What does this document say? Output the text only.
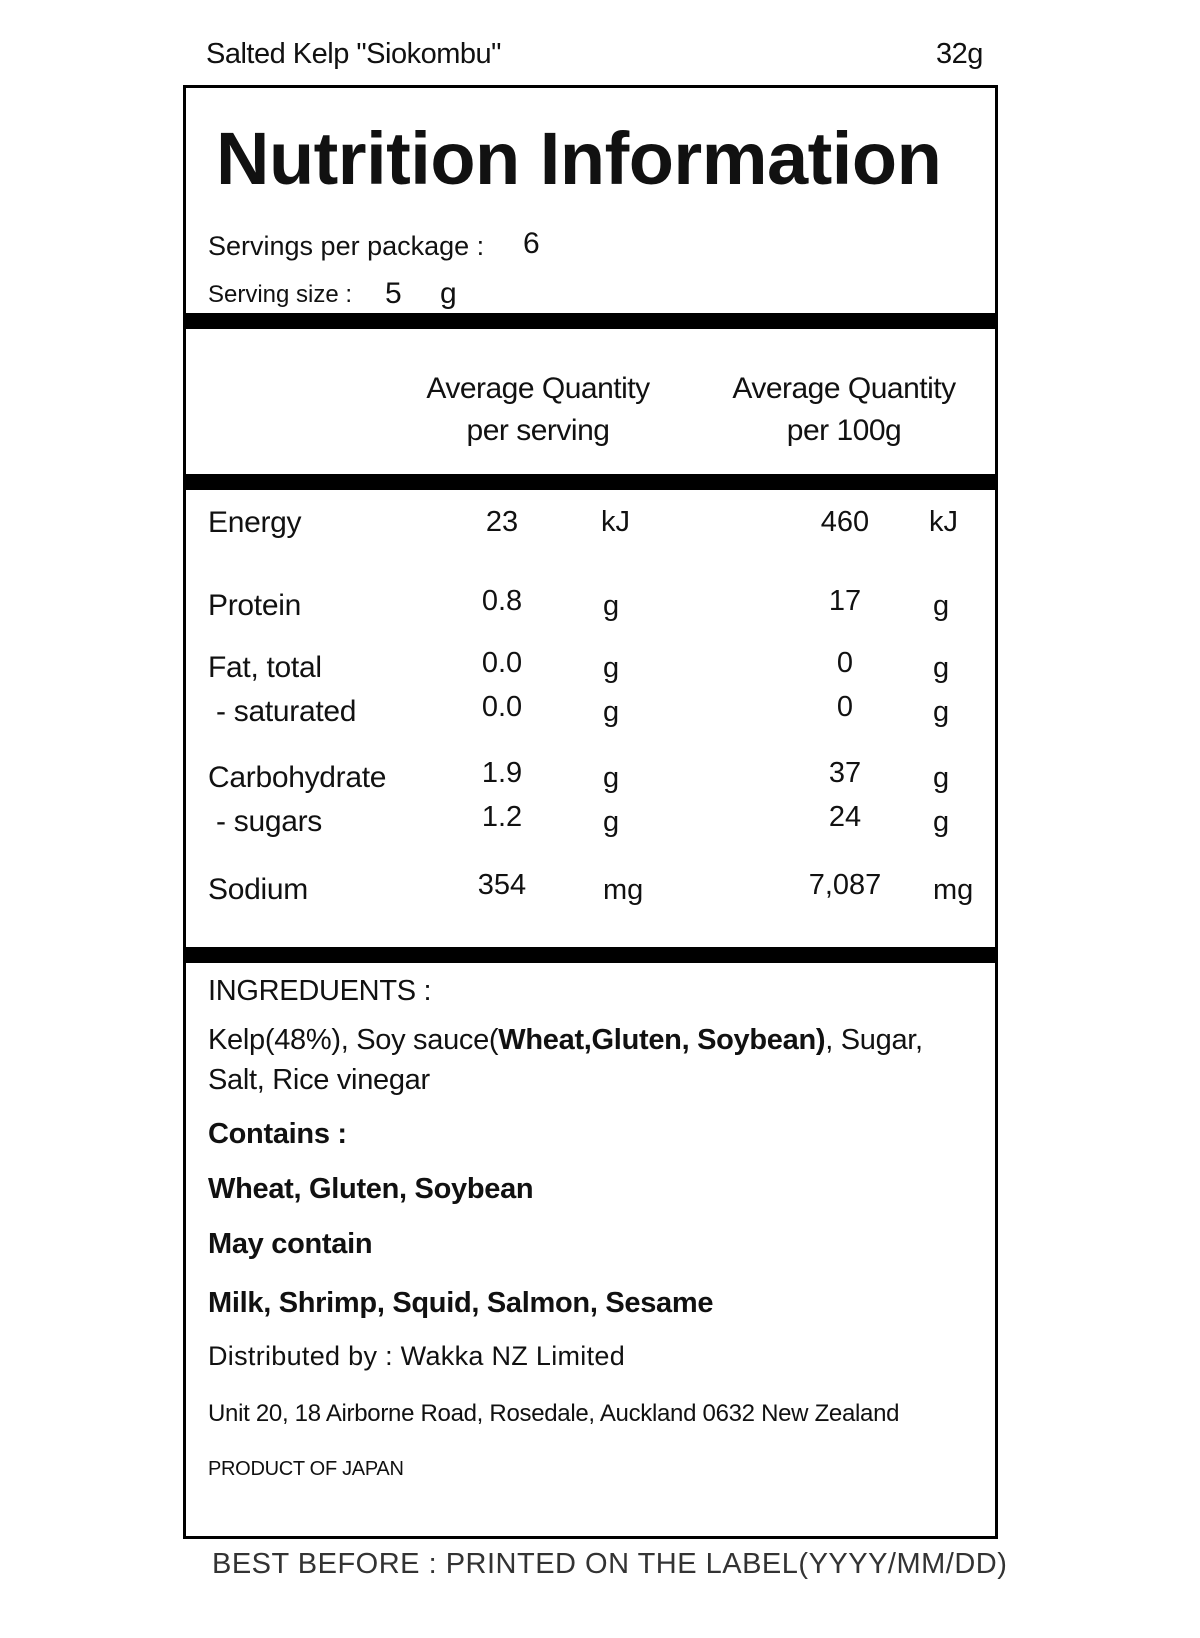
Salted Kelp "Siokombu"	32g
Nutrition Information
Servings per package : 6
Serving size : 5 g
Average Quantity
per serving
Average Quantity
per 100g
Energy	23	kJ	460	kJ
Protein	0.8	g	17	g
Fat, total	0.0	g	0	g
- saturated	0.0	g	0	g
Carbohydrate	1.9	g	37	g
- sugars	1.2	g	24	g
Sodium	354	mg	7,087	mg
INGREDUENTS :
Kelp(48%), Soy sauce(Wheat,Gluten, Soybean), Sugar,
Salt, Rice vinegar
Contains :
Wheat, Gluten, Soybean
May contain
Milk, Shrimp, Squid, Salmon, Sesame
Distributed by : Wakka NZ Limited
Unit 20, 18 Airborne Road, Rosedale, Auckland 0632 New Zealand
PRODUCT OF JAPAN
BEST BEFORE : PRINTED ON THE LABEL(YYYY/MM/DD)
